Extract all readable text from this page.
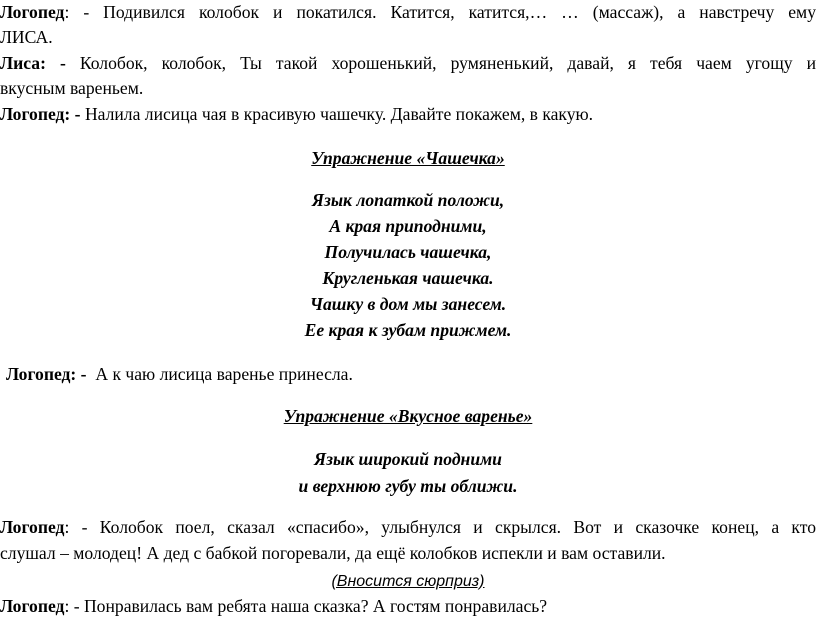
Логопед: - Подивился колобок и покатился. Катится, катится,… … (массаж), а навстречу ему
ЛИСА.
Лиса: - Колобок, колобок, Ты такой хорошенький, румяненький, давай, я тебя чаем угощу и
вкусным вареньем.
Логопед: - Налила лисица чая в красивую чашечку. Давайте покажем, в какую.
Упражнение «Чашечка»
Язык лопаткой положи,
А края приподними,
Получилась чашечка,
Кругленькая чашечка.
Чашку в дом мы занесем.
Ее края к зубам прижмем.
Логопед: -  А к чаю лисица варенье принесла.
Упражнение «Вкусное варенье»
Язык широкий подними
и верхнюю губу ты оближи.
Логопед: - Колобок поел, сказал «спасибо», улыбнулся и скрылся. Вот и сказочке конец, а кто
слушал – молодец! А дед с бабкой погоревали, да ещё колобков испекли и вам оставили.
(Вносится сюрприз)
Логопед: - Понравилась вам ребята наша сказка? А гостям понравилась?
